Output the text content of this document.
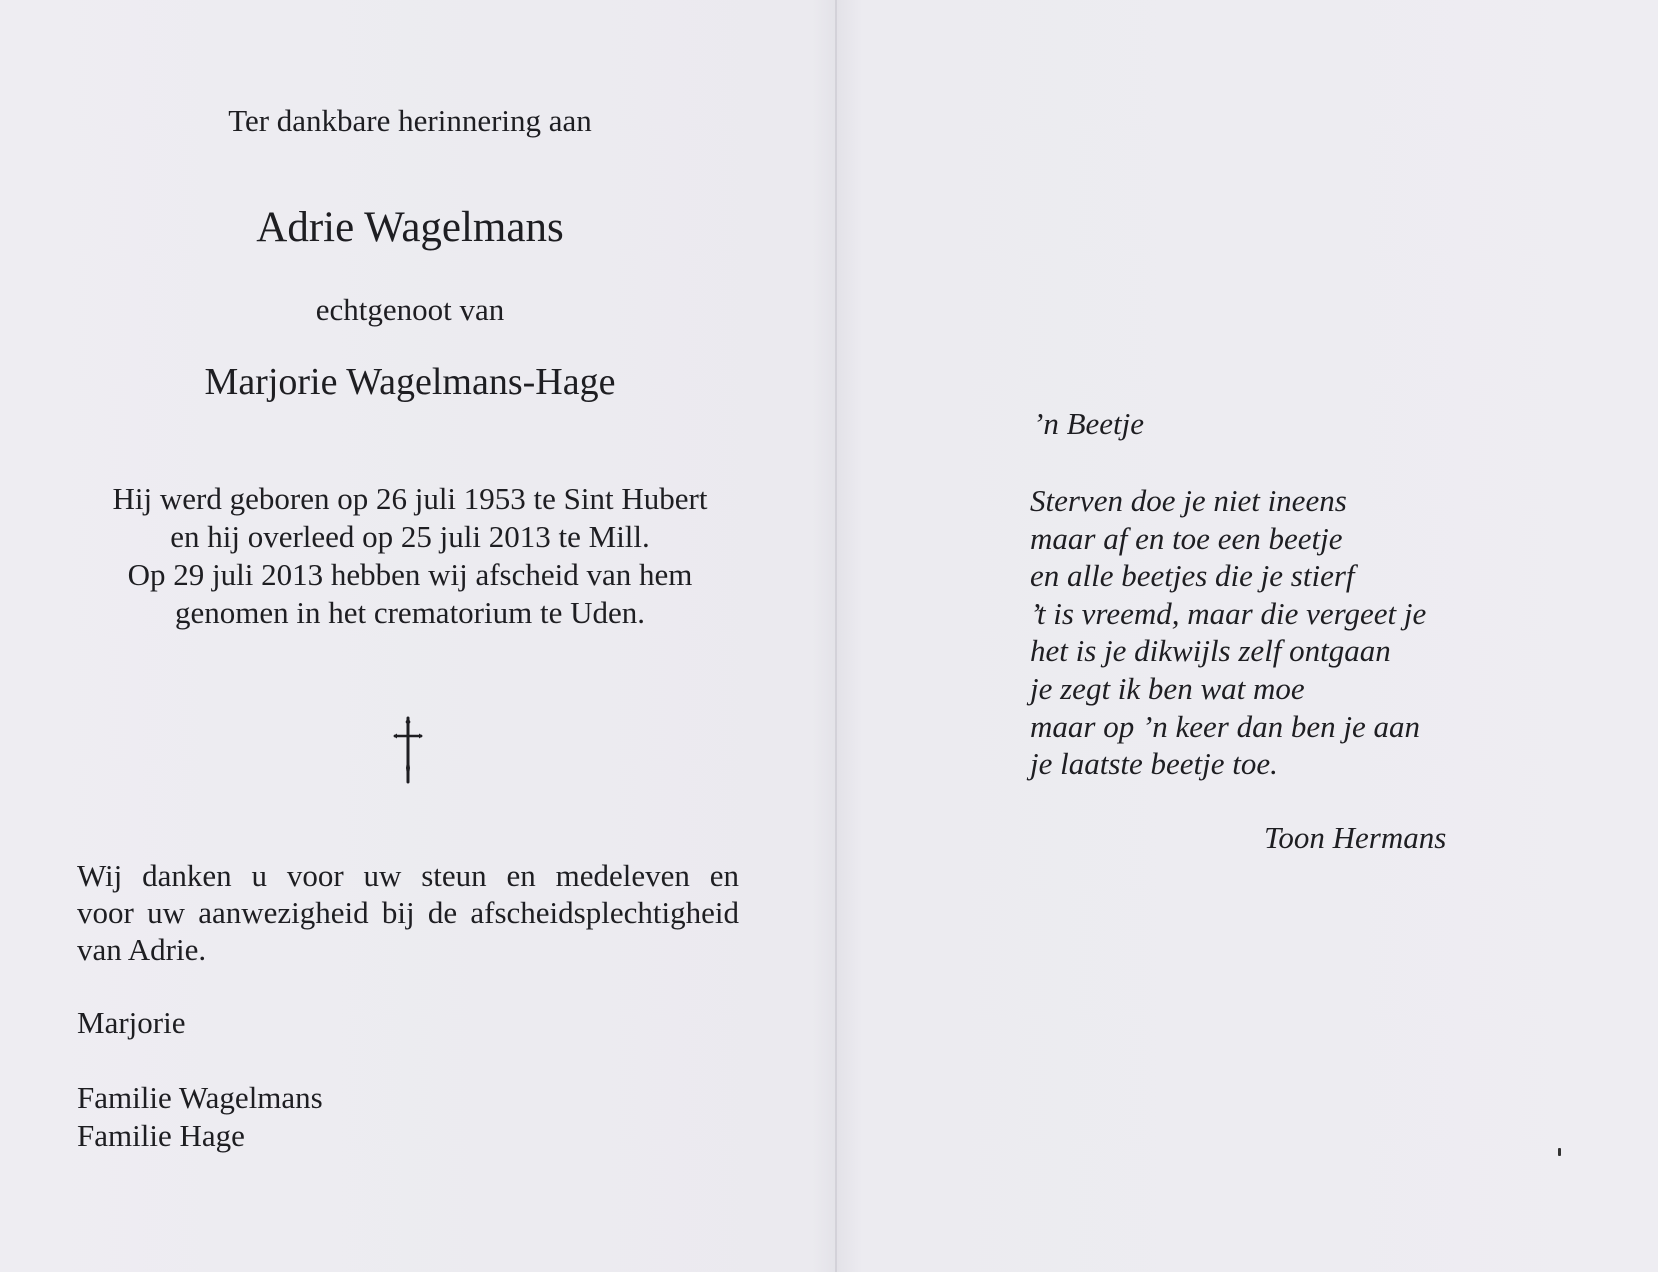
Ter dankbare herinnering aan
Adrie Wagelmans
echtgenoot van
Marjorie Wagelmans-Hage
Hij werd geboren op 26 juli 1953 te Sint Hubert
en hij overleed op 25 juli 2013 te Mill.
Op 29 juli 2013 hebben wij afscheid van hem
genomen in het crematorium te Uden.
Wij danken u voor uw steun en medeleven en
voor uw aanwezigheid bij de afscheidsplechtigheid
van Adrie.
Marjorie
Familie Wagelmans
Familie Hage
’n Beetje
Sterven doe je niet ineens
maar af en toe een beetje
en alle beetjes die je stierf
’t is vreemd, maar die vergeet je
het is je dikwijls zelf ontgaan
je zegt ik ben wat moe
maar op ’n keer dan ben je aan
je laatste beetje toe.
Toon Hermans
